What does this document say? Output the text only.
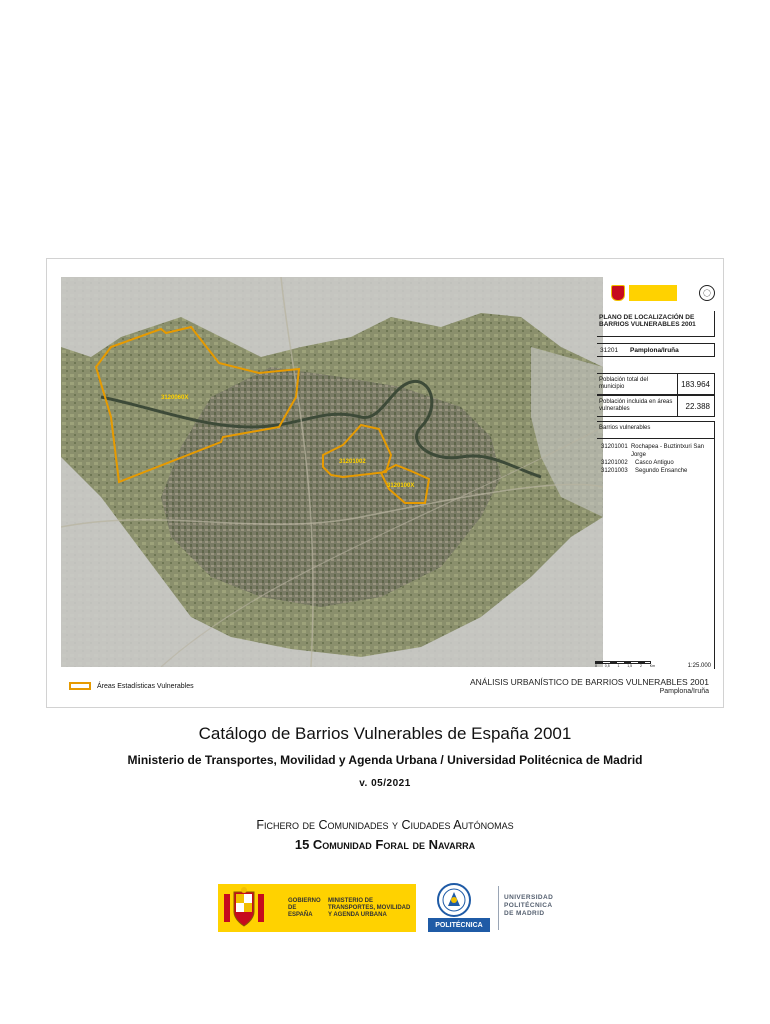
3120060X
31201002
3120100X
PLANO DE LOCALIZACIÓN DE BARRIOS VULNERABLES 2001
31201	Pamplona/Iruña
Población total del municipio	183.964
Población incluida en áreas vulnerables	22.388
Barrios vulnerables
31201001 Rochapea - Buztintxuri San Jorge
31201002	Casco Antiguo
31201003	Segundo Ensanche
0 0,5 1 1,5 2 Km	1:25.000
Áreas Estadísticas Vulnerables	ANÁLISIS URBANÍSTICO DE BARRIOS VULNERABLES 2001
Pamplona/Iruña
Catálogo de Barrios Vulnerables de España 2001
Ministerio de Transportes, Movilidad y Agenda Urbana / Universidad Politécnica de Madrid
v. 05/2021
Fichero de Comunidades y Ciudades Autónomas
15 Comunidad Foral de Navarra
GOBIERNO DE ESPAÑA
MINISTERIO DE TRANSPORTES, MOVILIDAD Y AGENDA URBANA
POLITÉCNICA
UNIVERSIDAD POLITÉCNICA DE MADRID
